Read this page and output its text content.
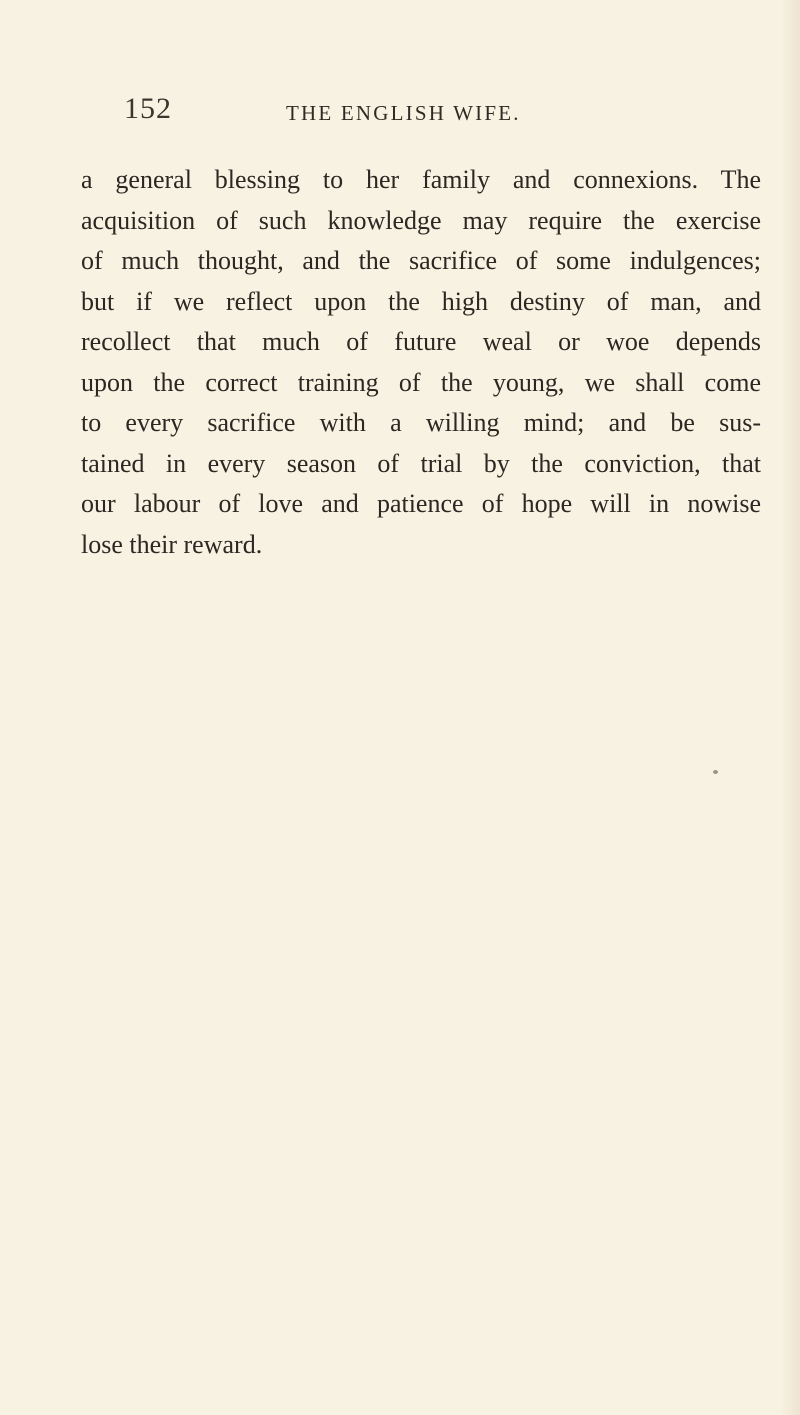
152	THE ENGLISH WIFE.

a general blessing to her family and connexions. The
acquisition of such knowledge may require the exercise
of much thought, and the sacrifice of some indulgences;
but if we reflect upon the high destiny of man, and
recollect that much of future weal or woe depends
upon the correct training of the young, we shall come
to every sacrifice with a willing mind; and be sus-
tained in every season of trial by the conviction, that
our labour of love and patience of hope will in nowise
lose their reward.
